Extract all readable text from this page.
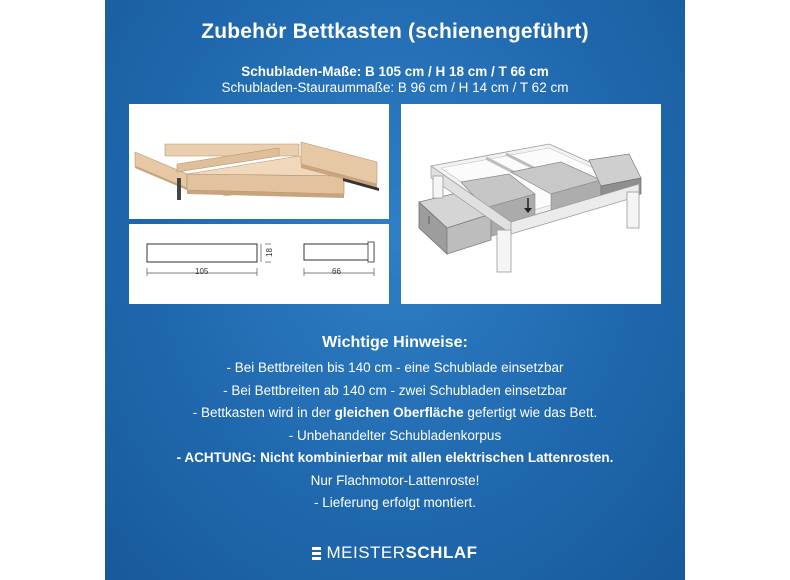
Zubehör Bettkasten (schienengeführt)
Schubladen-Maße: B 105 cm / H 18 cm / T 66 cm
Schubladen-Stauraummaße: B 96 cm / H 14 cm / T 62 cm
105
18
66
Wichtige Hinweise:
- Bei Bettbreiten bis 140 cm - eine Schublade einsetzbar
- Bei Bettbreiten ab 140 cm - zwei Schubladen einsetzbar
- Bettkasten wird in der gleichen Oberfläche gefertigt wie das Bett.
- Unbehandelter Schubladenkorpus
- ACHTUNG: Nicht kombinierbar mit allen elektrischen Lattenrosten.
Nur Flachmotor-Lattenroste!
- Lieferung erfolgt montiert.
MEISTER SCHLAF
